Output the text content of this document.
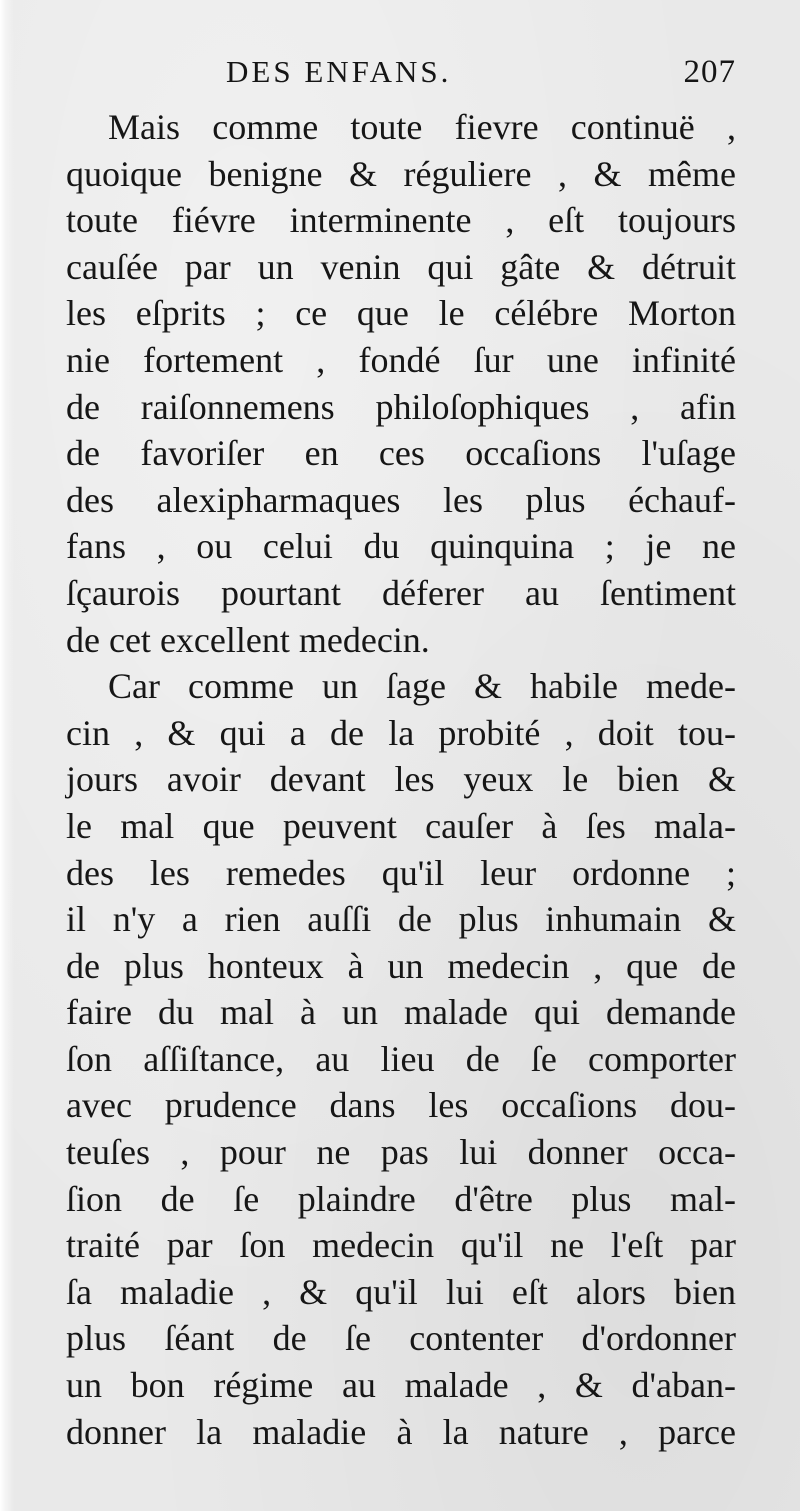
DES ENFANS.	207
Mais comme toute fievre continuë ,
quoique benigne & réguliere , & même
toute fiévre interminente , eſt toujours
cauſée par un venin qui gâte & détruit
les eſprits ; ce que le célébre Morton
nie fortement , fondé ſur une infinité
de raiſonnemens philoſophiques , afin
de favoriſer en ces occaſions l'uſage
des alexipharmaques les plus échauf-
fans , ou celui du quinquina ; je ne
ſçaurois pourtant déferer au ſentiment
de cet excellent medecin.
Car comme un ſage & habile mede-
cin , & qui a de la probité , doit tou-
jours avoir devant les yeux le bien &
le mal que peuvent cauſer à ſes mala-
des les remedes qu'il leur ordonne ;
il n'y a rien auſſi de plus inhumain &
de plus honteux à un medecin , que de
faire du mal à un malade qui demande
ſon aſſiſtance, au lieu de ſe comporter
avec prudence dans les occaſions dou-
teuſes , pour ne pas lui donner occa-
ſion de ſe plaindre d'être plus mal-
traité par ſon medecin qu'il ne l'eſt par
ſa maladie , & qu'il lui eſt alors bien
plus ſéant de ſe contenter d'ordonner
un bon régime au malade , & d'aban-
donner la maladie à la nature , parce
